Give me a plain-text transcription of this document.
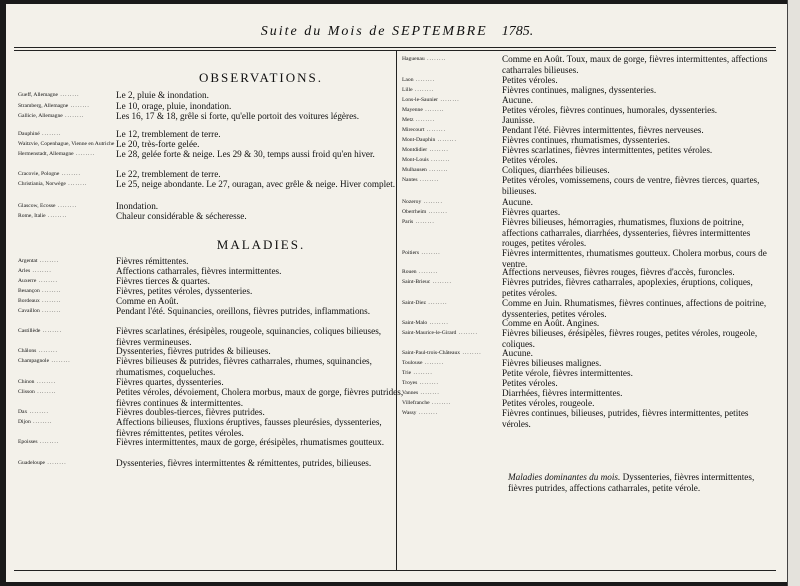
Suite du Mois de SEPTEMBRE 1785.
OBSERVATIONS.
Gueff, Allemagne .....	Le 2, pluie & inondation.
Stramberg, Allemagne .....	Le 10, orage, pluie, inondation.
Gallicie, Allemagne .....	Les 16, 17 & 18, grêle si forte, qu'elle portoit des voitures légères.
Dauphiné .....	Le 12, tremblement de terre.
Waitzvie, Copenhague, Vienne en Autriche ..... Le 20, très-forte gelée.
Hermenstadt, Allemagne .....	Le 28, gelée forte & neige. Les 29 & 30, temps aussi froid qu'en hiver.
Cracovie, Pologne .....	Le 22, tremblement de terre.
Christiania, Norwège .....	Le 25, neige abondante. Le 27, ouragan, avec grêle & neige. Hiver complet.
Glascow, Ecosse .....	Inondation.
Rome, Italie .....	Chaleur considérable & sécheresse.
MALADIES.
Argentat .....	Fièvres rémittentes.
Arles .....	Affections catharrales, fièvres intermittentes.
Auxerre .....	Fièvres tierces & quartes.
Besançon .....	Fièvres, petites véroles, dyssenteries.
Bordeaux .....	Comme en Août.
Cavaillon .....	Pendant l'été. Squinancies, oreillons, fièvres putrides, inflammations.
Castillède .....	Fièvres scarlatines, érésipèles, rougeole, squinancies, coliques bilieuses, fièvres vermineuses.
Châlons .....	Dyssenteries, fièvres putrides & bilieuses.
Champagnole .....	Fièvres bilieuses & putrides, fièvres catharrales, rhumes, squinancies, rhumatismes, coqueluches.
Chinon .....	Fièvres quartes, dyssenteries.
Clisson .....	Petites véroles, dévoiement, Cholera morbus, maux de gorge, fièvres putrides, fièvres continues & intermittentes.
Dax .....	Fièvres doubles-tierces, fièvres putrides.
Dijon .....	Affections bilieuses, fluxions éruptives, fausses pleurésies, dyssenteries, fièvres rémittentes, petites véroles.
Epoisses .....	Fièvres intermittentes, maux de gorge, érésipèles, rhumatismes goutteux.
Guadeloupe .....	Dyssenteries, fièvres intermittentes & rémittentes, putrides, bilieuses.
Haguenau .....	Comme en Août. Toux, maux de gorge, fièvres intermittentes, affections catharrales bilieuses.
Laon .....	Petites véroles.
Lille .....	Fièvres continues, malignes, dyssenteries.
Lons-le-Saunier .....	Aucune.
Mayenne .....	Petites véroles, fièvres continues, humorales, dyssenteries.
Metz .....	Jaunisse.
Mirecourt .....	Pendant l'été. Fièvres intermittentes, fièvres nerveuses.
Mont-Dauphin .....	Fièvres continues, rhumatismes, dyssenteries.
Montdidier .....	Fièvres scarlatines, fièvres intermittentes, petites véroles.
Mont-Louis .....	Petites véroles.
Mulhausen .....	Coliques, diarrhées bilieuses.
Nantes .....	Petites véroles, vomissemens, cours de ventre, fièvres tierces, quartes, bilieuses.
Nozeroy .....	Aucune.
Oberrheim .....	Fièvres quartes.
Paris .....	Fièvres bilieuses, hémorragies, rhumatismes, fluxions de poitrine, affections catharrales, diarrhées, dyssenteries, fièvres intermittentes rouges, petites véroles.
Poitiers .....	Fièvres intermittentes, rhumatismes goutteux. Cholera morbus, cours de ventre.
Rouen .....	Affections nerveuses, fièvres rouges, fièvres d'accès, furoncles.
Saint-Brieuc .....	Fièvres putrides, fièvres catharrales, apoplexies, éruptions, coliques, petites véroles.
Saint-Diez .....	Comme en Juin. Rhumatismes, fièvres continues, affections de poitrine, dyssenteries, petites véroles.
Saint-Malo .....	Comme en Août. Angines.
Saint-Maurice-le-Girard .....	Fièvres bilieuses, érésipèles, fièvres rouges, petites véroles, rougeole, coliques.
Saint-Paul-trois-Châteaux .....	Aucune.
Toulouse .....	Fièvres bilieuses malignes.
Trie .....	Petite vérole, fièvres intermittentes.
Troyes .....	Petites véroles.
Vannes .....	Diarrhées, fièvres intermittentes.
Villefranche .....	Petites véroles, rougeole.
Wassy .....	Fièvres continues, bilieuses, putrides, fièvres intermittentes, petites véroles.
Maladies dominantes du mois. Dyssenteries, fièvres intermittentes, fièvres putrides, affections catharrales, petite vérole.
